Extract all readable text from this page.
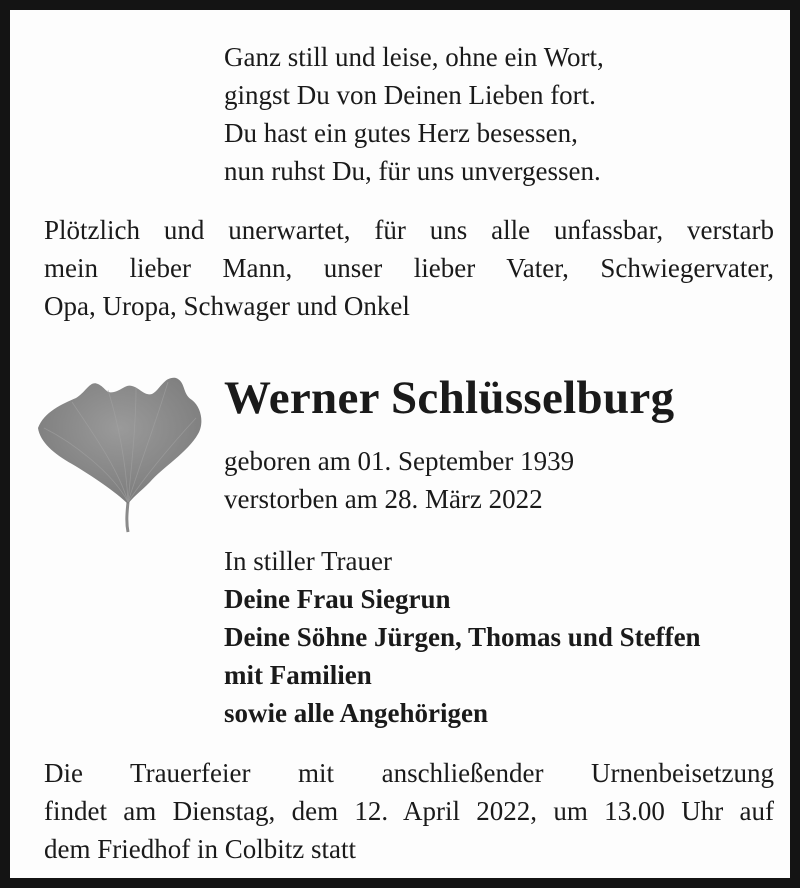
Ganz still und leise, ohne ein Wort,
gingst Du von Deinen Lieben fort.
Du hast ein gutes Herz besessen,
nun ruhst Du, für uns unvergessen.
Plötzlich und unerwartet, für uns alle unfassbar, verstarb
mein lieber Mann, unser lieber Vater, Schwiegervater,
Opa, Uropa, Schwager und Onkel
Werner Schlüsselburg
geboren am 01. September 1939
verstorben am 28. März 2022
In stiller Trauer
Deine Frau Siegrun
Deine Söhne Jürgen, Thomas und Steffen
mit Familien
sowie alle Angehörigen
Die Trauerfeier mit anschließender Urnenbeisetzung
findet am Dienstag, dem 12. April 2022, um 13.00 Uhr auf
dem Friedhof in Colbitz statt
